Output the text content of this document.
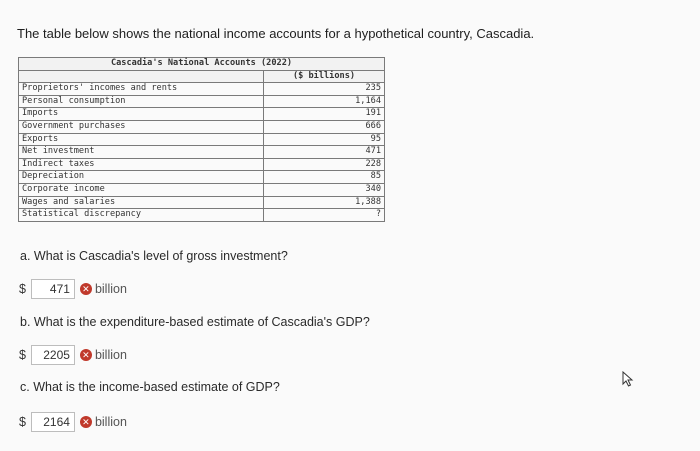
The table below shows the national income accounts for a hypothetical country, Cascadia.
Cascadia's National Accounts (2022)	
	($ billions)
Proprietors' incomes and rents	235
Personal consumption	1,164
Imports	191
Government purchases	666
Exports	95
Net investment	471
Indirect taxes	228
Depreciation	85
Corporate income	340
Wages and salaries	1,388
Statistical discrepancy	?
a. What is Cascadia's level of gross investment?
$	471	✕ billion
b. What is the expenditure-based estimate of Cascadia's GDP?
$	2205	✕ billion
c. What is the income-based estimate of GDP?
$	2164	✕ billion
